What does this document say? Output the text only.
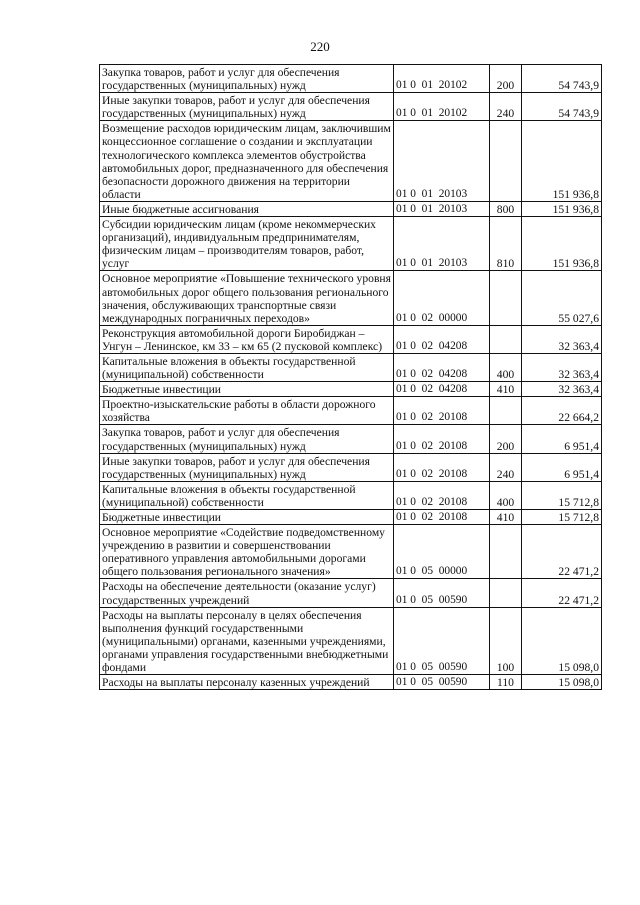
220
Закупка товаров, работ и услуг для обеспечения государственных (муниципальных) нужд	01 0  01  20102	200	54 743,9
Иные закупки товаров, работ и услуг для обеспечения государственных (муниципальных) нужд	01 0  01  20102	240	54 743,9
Возмещение расходов юридическим лицам, заключившим концессионное соглашение о создании и эксплуатации технологического комплекса элементов обустройства автомобильных дорог, предназначенного для обеспечения безопасности дорожного движения на территории области	01 0  01  20103		151 936,8
Иные бюджетные ассигнования	01 0  01  20103	800	151 936,8
Субсидии юридическим лицам (кроме некоммерческих организаций), индивидуальным предпринимателям, физическим лицам – производителям товаров, работ, услуг	01 0  01  20103	810	151 936,8
Основное мероприятие «Повышение технического уровня автомобильных дорог общего пользования регионального значения, обслуживающих транспортные связи международных пограничных переходов»	01 0  02  00000		55 027,6
Реконструкция автомобильной дороги Биробиджан – Унгун – Ленинское, км 33 – км 65 (2 пусковой комплекс)	01 0  02  04208		32 363,4
Капитальные вложения в объекты государственной (муниципальной) собственности	01 0  02  04208	400	32 363,4
Бюджетные инвестиции	01 0  02  04208	410	32 363,4
Проектно-изыскательские работы в области дорожного хозяйства	01 0  02  20108		22 664,2
Закупка товаров, работ и услуг для обеспечения государственных (муниципальных) нужд	01 0  02  20108	200	6 951,4
Иные закупки товаров, работ и услуг для обеспечения государственных (муниципальных) нужд	01 0  02  20108	240	6 951,4
Капитальные вложения в объекты государственной (муниципальной) собственности	01 0  02  20108	400	15 712,8
Бюджетные инвестиции	01 0  02  20108	410	15 712,8
Основное мероприятие «Содействие подведомственному учреждению в развитии и совершенствовании оперативного управления автомобильными дорогами общего пользования регионального значения»	01 0  05  00000		22 471,2
Расходы на обеспечение деятельности (оказание услуг) государственных учреждений	01 0  05  00590		22 471,2
Расходы на выплаты персоналу в целях обеспечения выполнения функций государственными (муниципальными) органами, казенными учреждениями, органами управления государственными внебюджетными фондами	01 0  05  00590	100	15 098,0
Расходы на выплаты персоналу казенных учреждений	01 0  05  00590	110	15 098,0
